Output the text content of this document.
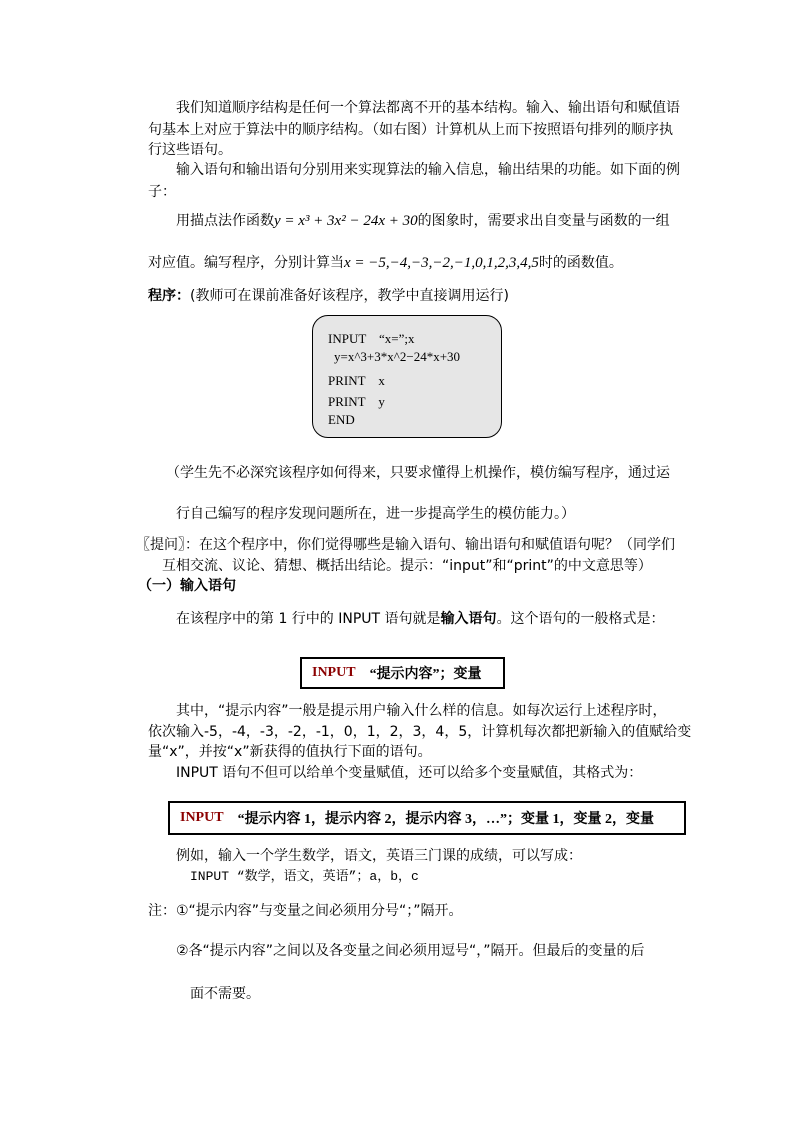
我们知道顺序结构是任何一个算法都离不开的基本结构。输入、输出语句和赋值语
句基本上对应于算法中的顺序结构。（如右图）计算机从上而下按照语句排列的顺序执
行这些语句。
输入语句和输出语句分别用来实现算法的输入信息，输出结果的功能。如下面的例
子：
用描点法作函数y = x³ + 3x² − 24x + 30的图象时，需要求出自变量与函数的一组
对应值。编写程序，分别计算当x = −5,−4,−3,−2,−1,0,1,2,3,4,5时的函数值。
程序：(教师可在课前准备好该程序，教学中直接调用运行)
INPUT　“x=”;x
y=x^3+3*x^2−24*x+30
PRINT　x
PRINT　y
END
（学生先不必深究该程序如何得来，只要求懂得上机操作，模仿编写程序，通过运
行自己编写的程序发现问题所在，进一步提高学生的模仿能力。）
〖提问〗：在这个程序中，你们觉得哪些是输入语句、输出语句和赋值语句呢？（同学们
互相交流、议论、猜想、概括出结论。提示：“input”和“print”的中文意思等）
（一）输入语句
在该程序中的第 1 行中的 INPUT 语句就是输入语句。这个语句的一般格式是：
INPUT
“提示内容”；变量
其中，“提示内容”一般是提示用户输入什么样的信息。如每次运行上述程序时，
依次输入-5，-4，-3，-2，-1，0，1，2，3，4，5，计算机每次都把新输入的值赋给变
量“x”，并按“x”新获得的值执行下面的语句。
INPUT 语句不但可以给单个变量赋值，还可以给多个变量赋值，其格式为：
INPUT
“提示内容 1，提示内容 2，提示内容 3，…”；变量 1，变量 2，变量
例如，输入一个学生数学，语文，英语三门课的成绩，可以写成：
INPUT “数学，语文，英语”；a，b，c
注：①“提示内容”与变量之间必须用分号“；”隔开。
②各“提示内容”之间以及各变量之间必须用逗号“，”隔开。但最后的变量的后
面不需要。
